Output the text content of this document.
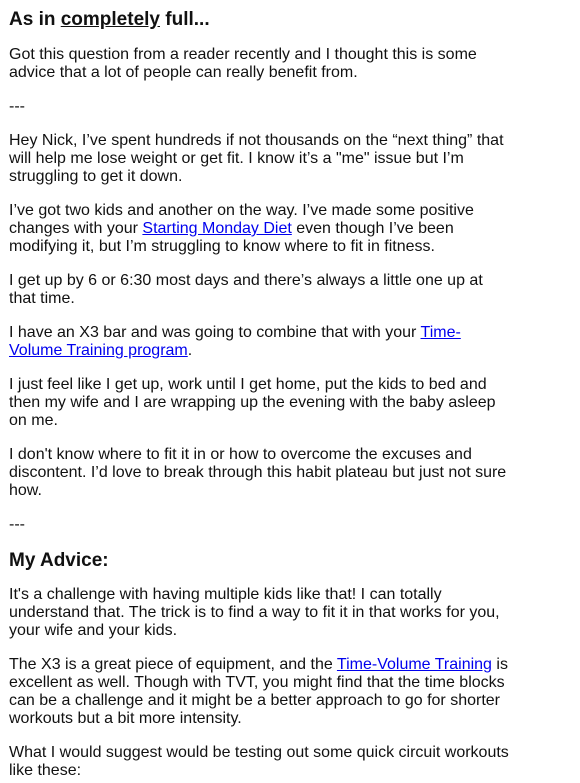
As in completely full...

Got this question from a reader recently and I thought this is some advice that a lot of people can really benefit from.

---

Hey Nick, I’ve spent hundreds if not thousands on the “next thing” that will help me lose weight or get fit. I know it’s a "me" issue but I’m struggling to get it down.

I’ve got two kids and another on the way. I’ve made some positive changes with your Starting Monday Diet even though I’ve been modifying it, but I’m struggling to know where to fit in fitness.

I get up by 6 or 6:30 most days and there’s always a little one up at that time.

I have an X3 bar and was going to combine that with your Time-Volume Training program.

I just feel like I get up, work until I get home, put the kids to bed and then my wife and I are wrapping up the evening with the baby asleep on me.

I don't know where to fit it in or how to overcome the excuses and discontent. I’d love to break through this habit plateau but just not sure how.

---

My Advice:

It's a challenge with having multiple kids like that! I can totally understand that. The trick is to find a way to fit it in that works for you, your wife and your kids.

The X3 is a great piece of equipment, and the Time-Volume Training is excellent as well. Though with TVT, you might find that the time blocks can be a challenge and it might be a better approach to go for shorter workouts but a bit more intensity.

What I would suggest would be testing out some quick circuit workouts like these:
